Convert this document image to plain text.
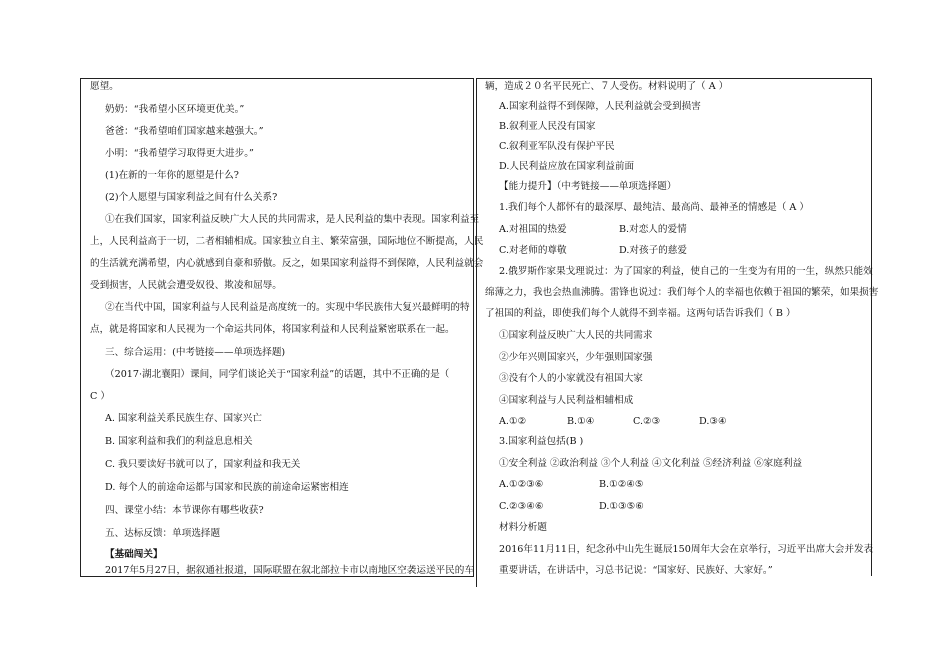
愿望。
奶奶：“我希望小区环境更优美。”
爸爸：“我希望咱们国家越来越强大。”
小明：“我希望学习取得更大进步。”
(1)在新的一年你的愿望是什么?
(2)个人愿望与国家利益之间有什么关系?
①在我们国家，国家利益反映广大人民的共同需求，是人民利益的集中表现。国家利益至
上，人民利益高于一切，二者相辅相成。国家独立自主、繁荣富强，国际地位不断提高，人民
的生活就充满希望，内心就感到自豪和骄傲。反之，如果国家利益得不到保障，人民利益就会
受到损害，人民就会遭受奴役、欺凌和屈辱。
②在当代中国，国家利益与人民利益是高度统一的。实现中华民族伟大复兴最鲜明的特
点，就是将国家和人民视为一个命运共同体，将国家利益和人民利益紧密联系在一起。
三、综合运用：(中考链接——单项选择题)
（2017·湖北襄阳）课间，同学们谈论关于“国家利益”的话题，其中不正确的是（
C ）
A. 国家利益关系民族生存、国家兴亡
B. 国家利益和我们的利益息息相关
C. 我只要读好书就可以了，国家利益和我无关
D. 每个人的前途命运都与国家和民族的前途命运紧密相连
四、课堂小结：本节课你有哪些收获?
五、达标反馈：单项选择题
【基础闯关】
2017年5月27日，据叙通社报道，国际联盟在叙北部拉卡市以南地区空袭运送平民的车
辆，造成２０名平民死亡、７人受伤。材料说明了（ A ）
A.国家利益得不到保障，人民利益就会受到损害
B.叙利亚人民没有国家
C.叙利亚军队没有保护平民
D.人民利益应放在国家利益前面
【能力提升】（中考链接——单项选择题）
1.我们每个人都怀有的最深厚、最纯洁、最高尚、最神圣的情感是（ A ）
A.对祖国的热爱	B.对恋人的爱情
C.对老师的尊敬	D.对孩子的慈爱
2.俄罗斯作家果戈理说过：为了国家的利益，使自己的一生变为有用的一生，纵然只能效
绵薄之力，我也会热血沸腾。雷锋也说过：我们每个人的幸福也依赖于祖国的繁荣，如果损害
了祖国的利益，即使我们每个人就得不到幸福。这两句话告诉我们（ B ）
①国家利益反映广大人民的共同需求
②少年兴则国家兴，少年强则国家强
③没有个人的小家就没有祖国大家
④国家利益与人民利益相辅相成
A.①②	B.①④	C.②③	D.③④
3.国家利益包括(B )
①安全利益 ②政治利益 ③个人利益 ④文化利益 ⑤经济利益 ⑥家庭利益
A.①②③⑥	B.①②④⑤
C.②③④⑥	D.①③⑤⑥
材料分析题
2016年11月11日，纪念孙中山先生诞辰150周年大会在京举行，习近平出席大会并发表
重要讲话，在讲话中，习总书记说：“国家好、民族好、大家好。”
